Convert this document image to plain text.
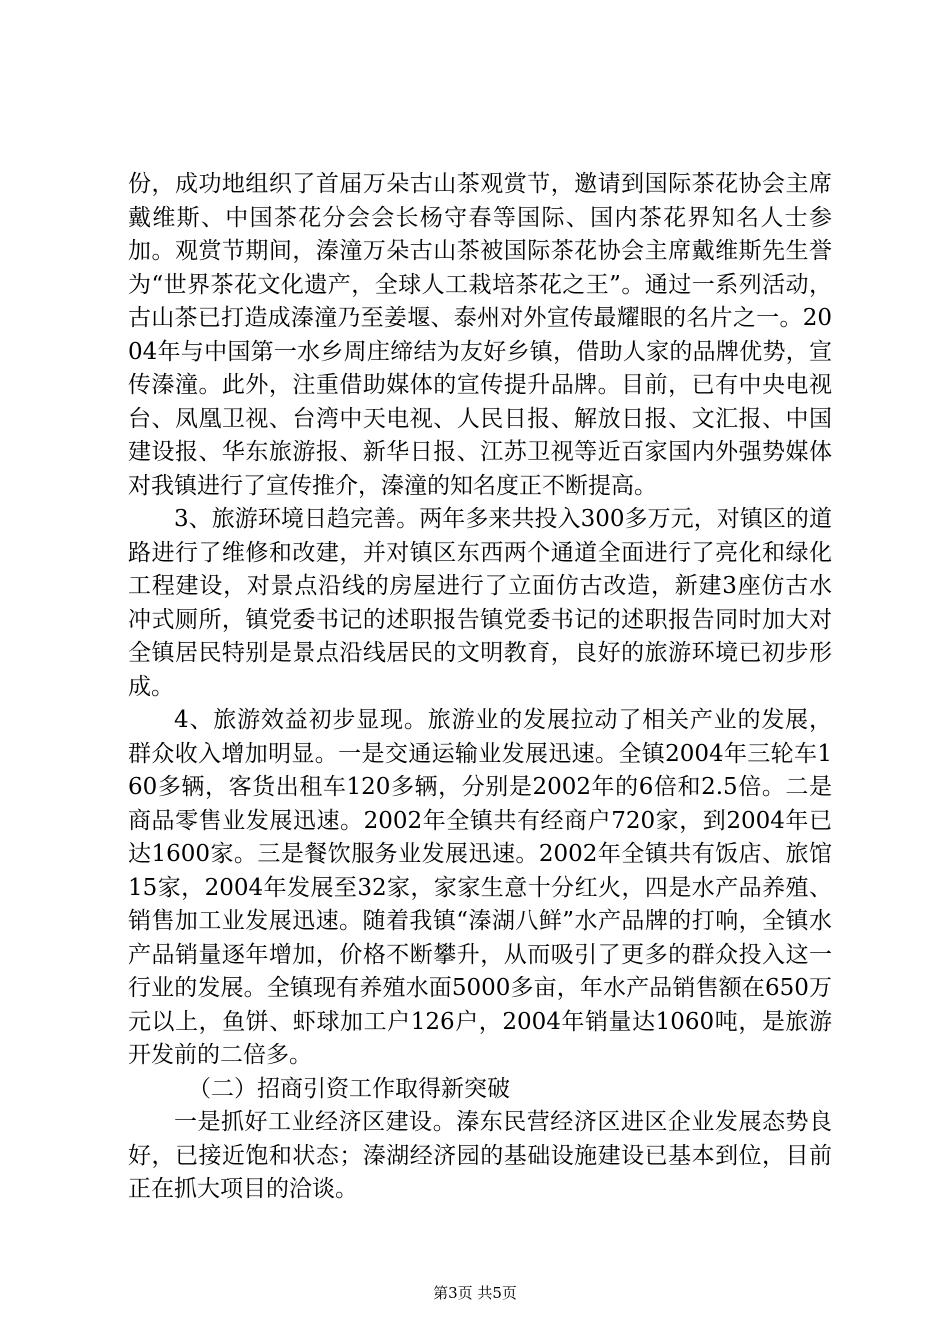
份，成功地组织了首届万朵古山茶观赏节，邀请到国际茶花协会主席戴维斯、中国茶花分会会长杨守春等国际、国内茶花界知名人士参加。观赏节期间，溱潼万朵古山茶被国际茶花协会主席戴维斯先生誉为“世界茶花文化遗产，全球人工栽培茶花之王”。通过一系列活动，古山茶已打造成溱潼乃至姜堰、泰州对外宣传最耀眼的名片之一。2004年与中国第一水乡周庄缔结为友好乡镇，借助人家的品牌优势，宣传溱潼。此外，注重借助媒体的宣传提升品牌。目前，已有中央电视台、凤凰卫视、台湾中天电视、人民日报、解放日报、文汇报、中国建设报、华东旅游报、新华日报、江苏卫视等近百家国内外强势媒体对我镇进行了宣传推介，溱潼的知名度正不断提高。

3、旅游环境日趋完善。两年多来共投入300多万元，对镇区的道路进行了维修和改建，并对镇区东西两个通道全面进行了亮化和绿化工程建设，对景点沿线的房屋进行了立面仿古改造，新建3座仿古水冲式厕所，镇党委书记的述职报告镇党委书记的述职报告同时加大对全镇居民特别是景点沿线居民的文明教育，良好的旅游环境已初步形成。

4、旅游效益初步显现。旅游业的发展拉动了相关产业的发展，群众收入增加明显。一是交通运输业发展迅速。全镇2004年三轮车160多辆，客货出租车120多辆，分别是2002年的6倍和2.5倍。二是商品零售业发展迅速。2002年全镇共有经商户720家，到2004年已达1600家。三是餐饮服务业发展迅速。2002年全镇共有饭店、旅馆15家，2004年发展至32家，家家生意十分红火，四是水产品养殖、销售加工业发展迅速。随着我镇“溱湖八鲜”水产品牌的打响，全镇水产品销量逐年增加，价格不断攀升，从而吸引了更多的群众投入这一行业的发展。全镇现有养殖水面5000多亩，年水产品销售额在650万元以上，鱼饼、虾球加工户126户，2004年销量达1060吨，是旅游开发前的二倍多。

（二）招商引资工作取得新突破

一是抓好工业经济区建设。溱东民营经济区进区企业发展态势良好，已接近饱和状态；溱湖经济园的基础设施建设已基本到位，目前正在抓大项目的洽谈。

第3页 共5页
